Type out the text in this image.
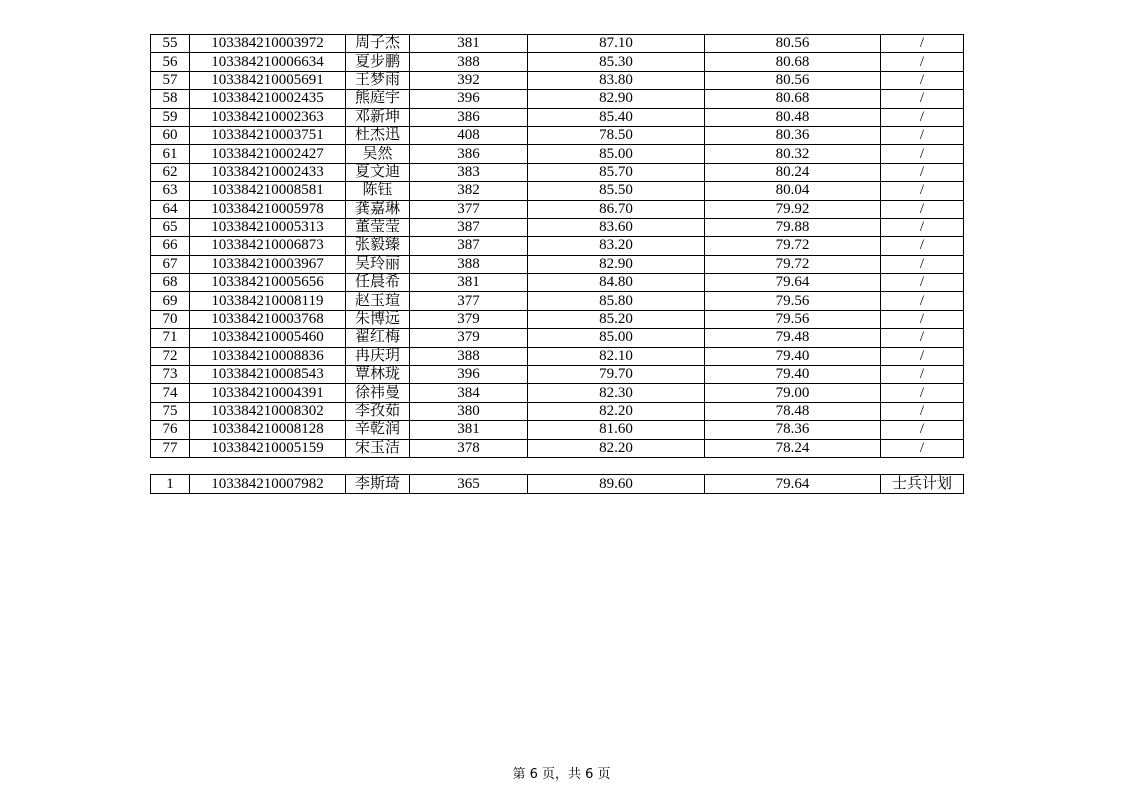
55	103384210003972	周子杰	381	87.10	80.56	/
56	103384210006634	夏步鹏	388	85.30	80.68	/
57	103384210005691	王梦雨	392	83.80	80.56	/
58	103384210002435	熊庭宇	396	82.90	80.68	/
59	103384210002363	邓新坤	386	85.40	80.48	/
60	103384210003751	杜杰迅	408	78.50	80.36	/
61	103384210002427	吴然	386	85.00	80.32	/
62	103384210002433	夏文迪	383	85.70	80.24	/
63	103384210008581	陈钰	382	85.50	80.04	/
64	103384210005978	龚嘉琳	377	86.70	79.92	/
65	103384210005313	董莹莹	387	83.60	79.88	/
66	103384210006873	张毅臻	387	83.20	79.72	/
67	103384210003967	吴玲丽	388	82.90	79.72	/
68	103384210005656	任晨希	381	84.80	79.64	/
69	103384210008119	赵玉瑄	377	85.80	79.56	/
70	103384210003768	朱博远	379	85.20	79.56	/
71	103384210005460	翟红梅	379	85.00	79.48	/
72	103384210008836	冉庆玥	388	82.10	79.40	/
73	103384210008543	覃林珑	396	79.70	79.40	/
74	103384210004391	徐祎曼	384	82.30	79.00	/
75	103384210008302	李孜茹	380	82.20	78.48	/
76	103384210008128	辛乾润	381	81.60	78.36	/
77	103384210005159	宋玉洁	378	82.20	78.24	/
1	103384210007982	李斯琦	365	89.60	79.64	士兵计划
第 6 页，共 6 页
